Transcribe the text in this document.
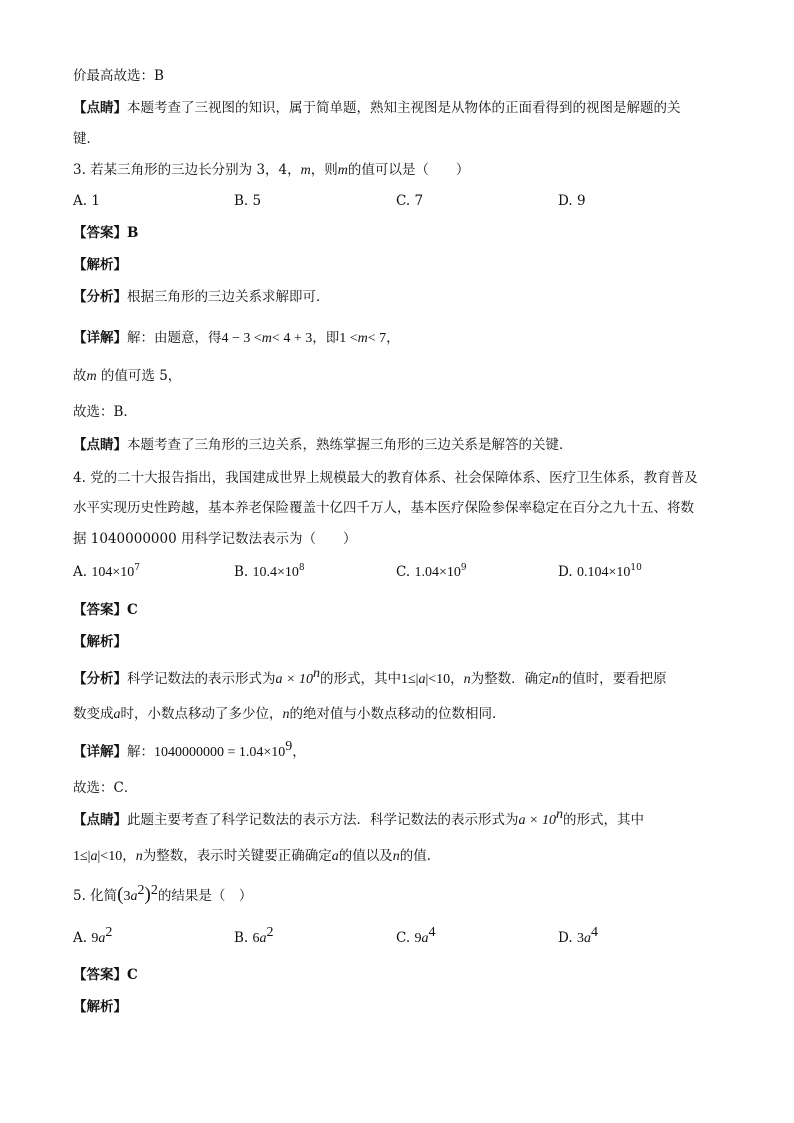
价最高故选：B
【点睛】本题考查了三视图的知识，属于简单题，熟知主视图是从物体的正面看得到的视图是解题的关
键．
3. 若某三角形的三边长分别为 3，4，m，则m的值可以是（　　）
A. 1	B. 5	C. 7	D. 9
【答案】B
【解析】
【分析】根据三角形的三边关系求解即可．
【详解】解：由题意，得4 − 3 <m< 4 + 3，即1 <m< 7，
故m 的值可选 5，
故选：B．
【点睛】本题考查了三角形的三边关系，熟练掌握三角形的三边关系是解答的关键．
4. 党的二十大报告指出，我国建成世界上规模最大的教育体系、社会保障体系、医疗卫生体系，教育普及
水平实现历史性跨越，基本养老保险覆盖十亿四千万人，基本医疗保险参保率稳定在百分之九十五、将数
据 1040000000 用科学记数法表示为（　　）
A. $104\times 10^7$	B. $10.4\times 10^8$	C. $1.04\times 10^9$	D. $0.104\times 10^{10}$
【答案】C
【解析】
【分析】科学记数法的表示形式为$a \times 10^n$的形式，其中1≤|a|<10，n为整数．确定n的值时，要看把原
数变成a时，小数点移动了多少位，n的绝对值与小数点移动的位数相同．
【详解】解：$1040000000 = 1.04\times 10^9$，
故选：C．
【点睛】此题主要考查了科学记数法的表示方法．科学记数法的表示形式为$a \times 10^n$的形式，其中
1≤|a|<10，n为整数，表示时关键要正确确定a的值以及n的值．
5. 化简$(3a^2)^2$的结果是（　）
A. $9a^2$	B. $6a^2$	C. $9a^4$	D. $3a^4$
【答案】C
【解析】
